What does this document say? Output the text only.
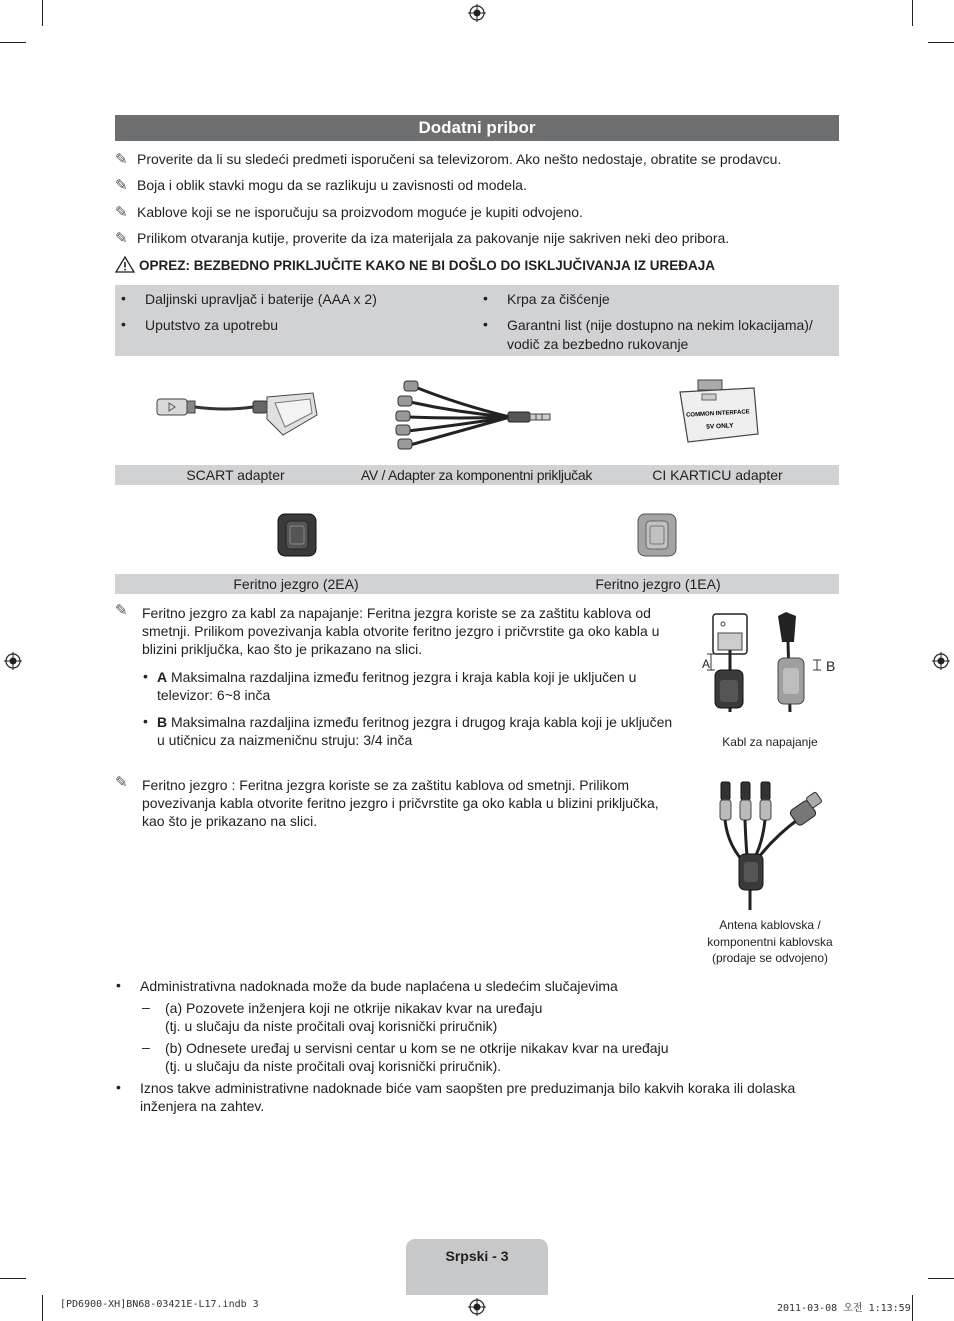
Dodatni pribor
✎ Proverite da li su sledeći predmeti isporučeni sa televizorom. Ako nešto nedostaje, obratite se prodavcu.
✎ Boja i oblik stavki mogu da se razlikuju u zavisnosti od modela.
✎ Kablove koji se ne isporučuju sa proizvodom moguće je kupiti odvojeno.
✎ Prilikom otvaranja kutije, proverite da iza materijala za pakovanje nije sakriven neki deo pribora.
OPREZ: BEZBEDNO PRIKLJUČITE KAKO NE BI DOŠLO DO ISKLJUČIVANJA IZ UREĐAJA
• Daljinski upravljač i baterije (AAA x 2)
• Uputstvo za upotrebu
• Krpa za čišćenje
• Garantni list (nije dostupno na nekim lokacijama)/
vodič za bezbedno rukovanje
COMMON INTERFACE
5V ONLY
SCART adapter	AV / Adapter za komponentni priključak	CI KARTICU adapter
Feritno jezgro (2EA)	Feritno jezgro (1EA)
✎ Feritno jezgro za kabl za napajanje: Feritna jezgra koriste se za zaštitu kablova od
smetnji. Prilikom povezivanja kabla otvorite feritno jezgro i pričvrstite ga oko kabla u
blizini priključka, kao što je prikazano na slici.
• A Maksimalna razdaljina između feritnog jezgra i kraja kabla koji je uključen u
televizor: 6~8 inča
• B Maksimalna razdaljina između feritnog jezgra i drugog kraja kabla koji je uključen
u utičnicu za naizmeničnu struju: 3/4 inča
A	B
Kabl za napajanje
✎ Feritno jezgro : Feritna jezgra koriste se za zaštitu kablova od smetnji. Prilikom
povezivanja kabla otvorite feritno jezgro i pričvrstite ga oko kabla u blizini priključka,
kao što je prikazano na slici.
Antena kablovska /
komponentni kablovska
(prodaje se odvojeno)
• Administrativna nadoknada može da bude naplaćena u sledećim slučajevima
– (a) Pozovete inženjera koji ne otkrije nikakav kvar na uređaju
(tj. u slučaju da niste pročitali ovaj korisnički priručnik)
– (b) Odnesete uređaj u servisni centar u kom se ne otkrije nikakav kvar na uređaju
(tj. u slučaju da niste pročitali ovaj korisnički priručnik).
• Iznos takve administrativne nadoknade biće vam saopšten pre preduzimanja bilo kakvih koraka ili dolaska
inženjera na zahtev.
Srpski - 3
[PD6900-XH]BN68-03421E-L17.indb 3	2011-03-08 오전 1:13:59
